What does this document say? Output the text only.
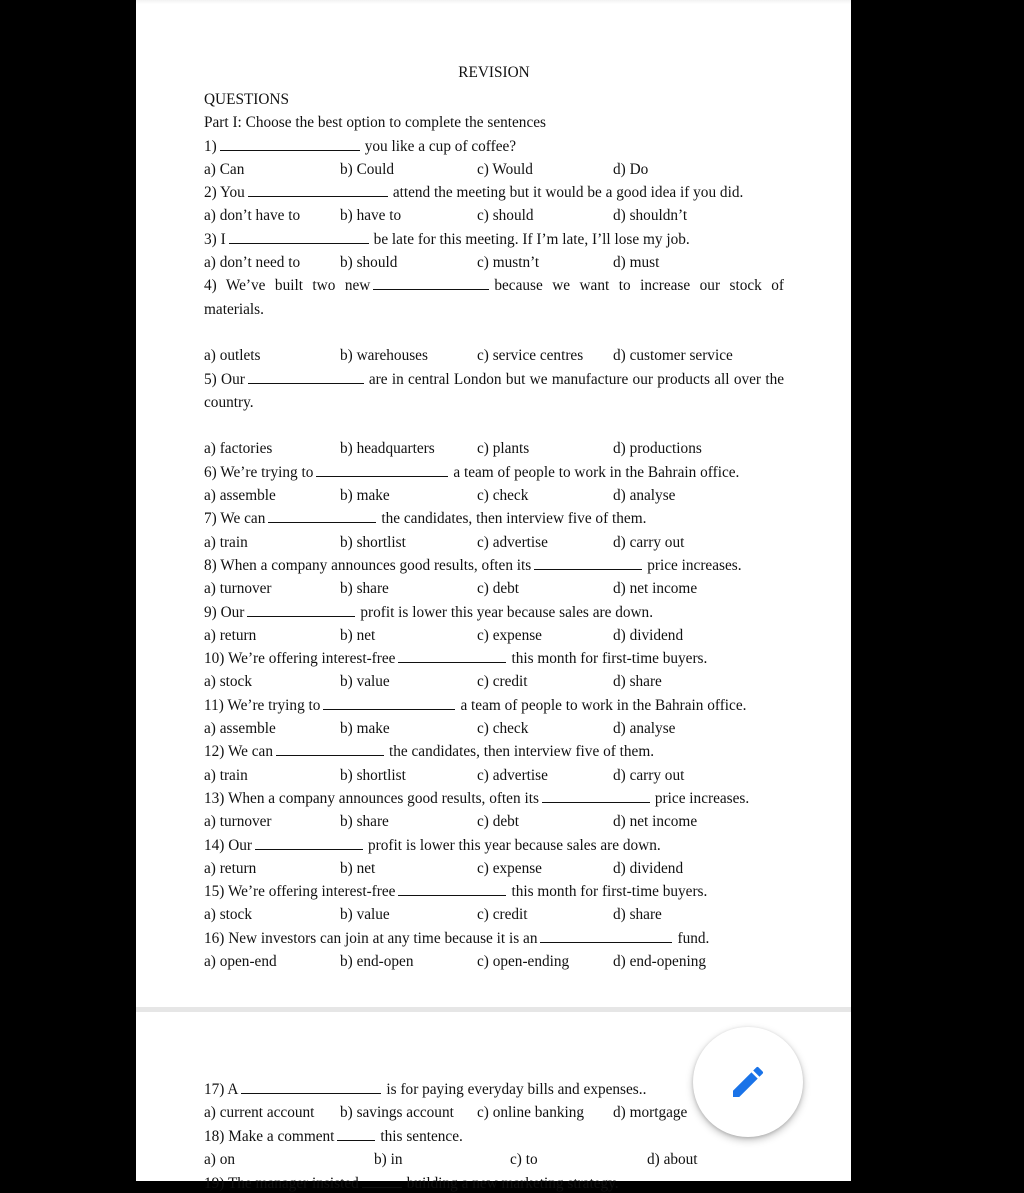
REVISION
QUESTIONS
Part I: Choose the best option to complete the sentences
1)	you like a cup of coffee?
a) Can	b) Could	c) Would	d) Do
2) You	attend the meeting but it would be a good idea if you did.
a) don’t have to	b) have to	c) should	d) shouldn’t
3) I	be late for this meeting. If I’m late, I’ll lose my job.
a) don’t need to	b) should	c) mustn’t	d) must
4) We’ve built two new	because we want to increase our stock of materials.
a) outlets	b) warehouses	c) service centres d) customer service
5) Our	are in central London but we manufacture our products all over the country.
a) factories	b) headquarters	c) plants	d) productions
6) We’re trying to	a team of people to work in the Bahrain office.
a) assemble	b) make	c) check	d) analyse
7) We can	the candidates, then interview five of them.
a) train	b) shortlist	c) advertise	d) carry out
8) When a company announces good results, often its	price increases.
a) turnover	b) share	c) debt	d) net income
9) Our	profit is lower this year because sales are down.
a) return	b) net	c) expense	d) dividend
10) We’re offering interest-free	this month for first-time buyers.
a) stock	b) value	c) credit	d) share
11) We’re trying to	a team of people to work in the Bahrain office.
a) assemble	b) make	c) check	d) analyse
12) We can	the candidates, then interview five of them.
a) train	b) shortlist	c) advertise	d) carry out
13) When a company announces good results, often its	price increases.
a) turnover	b) share	c) debt	d) net income
14) Our	profit is lower this year because sales are down.
a) return	b) net	c) expense	d) dividend
15) We’re offering interest-free	this month for first-time buyers.
a) stock	b) value	c) credit	d) share
16) New investors can join at any time because it is an	fund.
a) open-end	b) end-open	c) open-ending	d) end-opening
17) A	is for paying everyday bills and expenses..
a) current account b) savings account c) online banking d) mortgage
18) Make a comment	this sentence.
a) on	b) in	c) to	d) about
19) The manager insisted	building a new marketing strategy.
